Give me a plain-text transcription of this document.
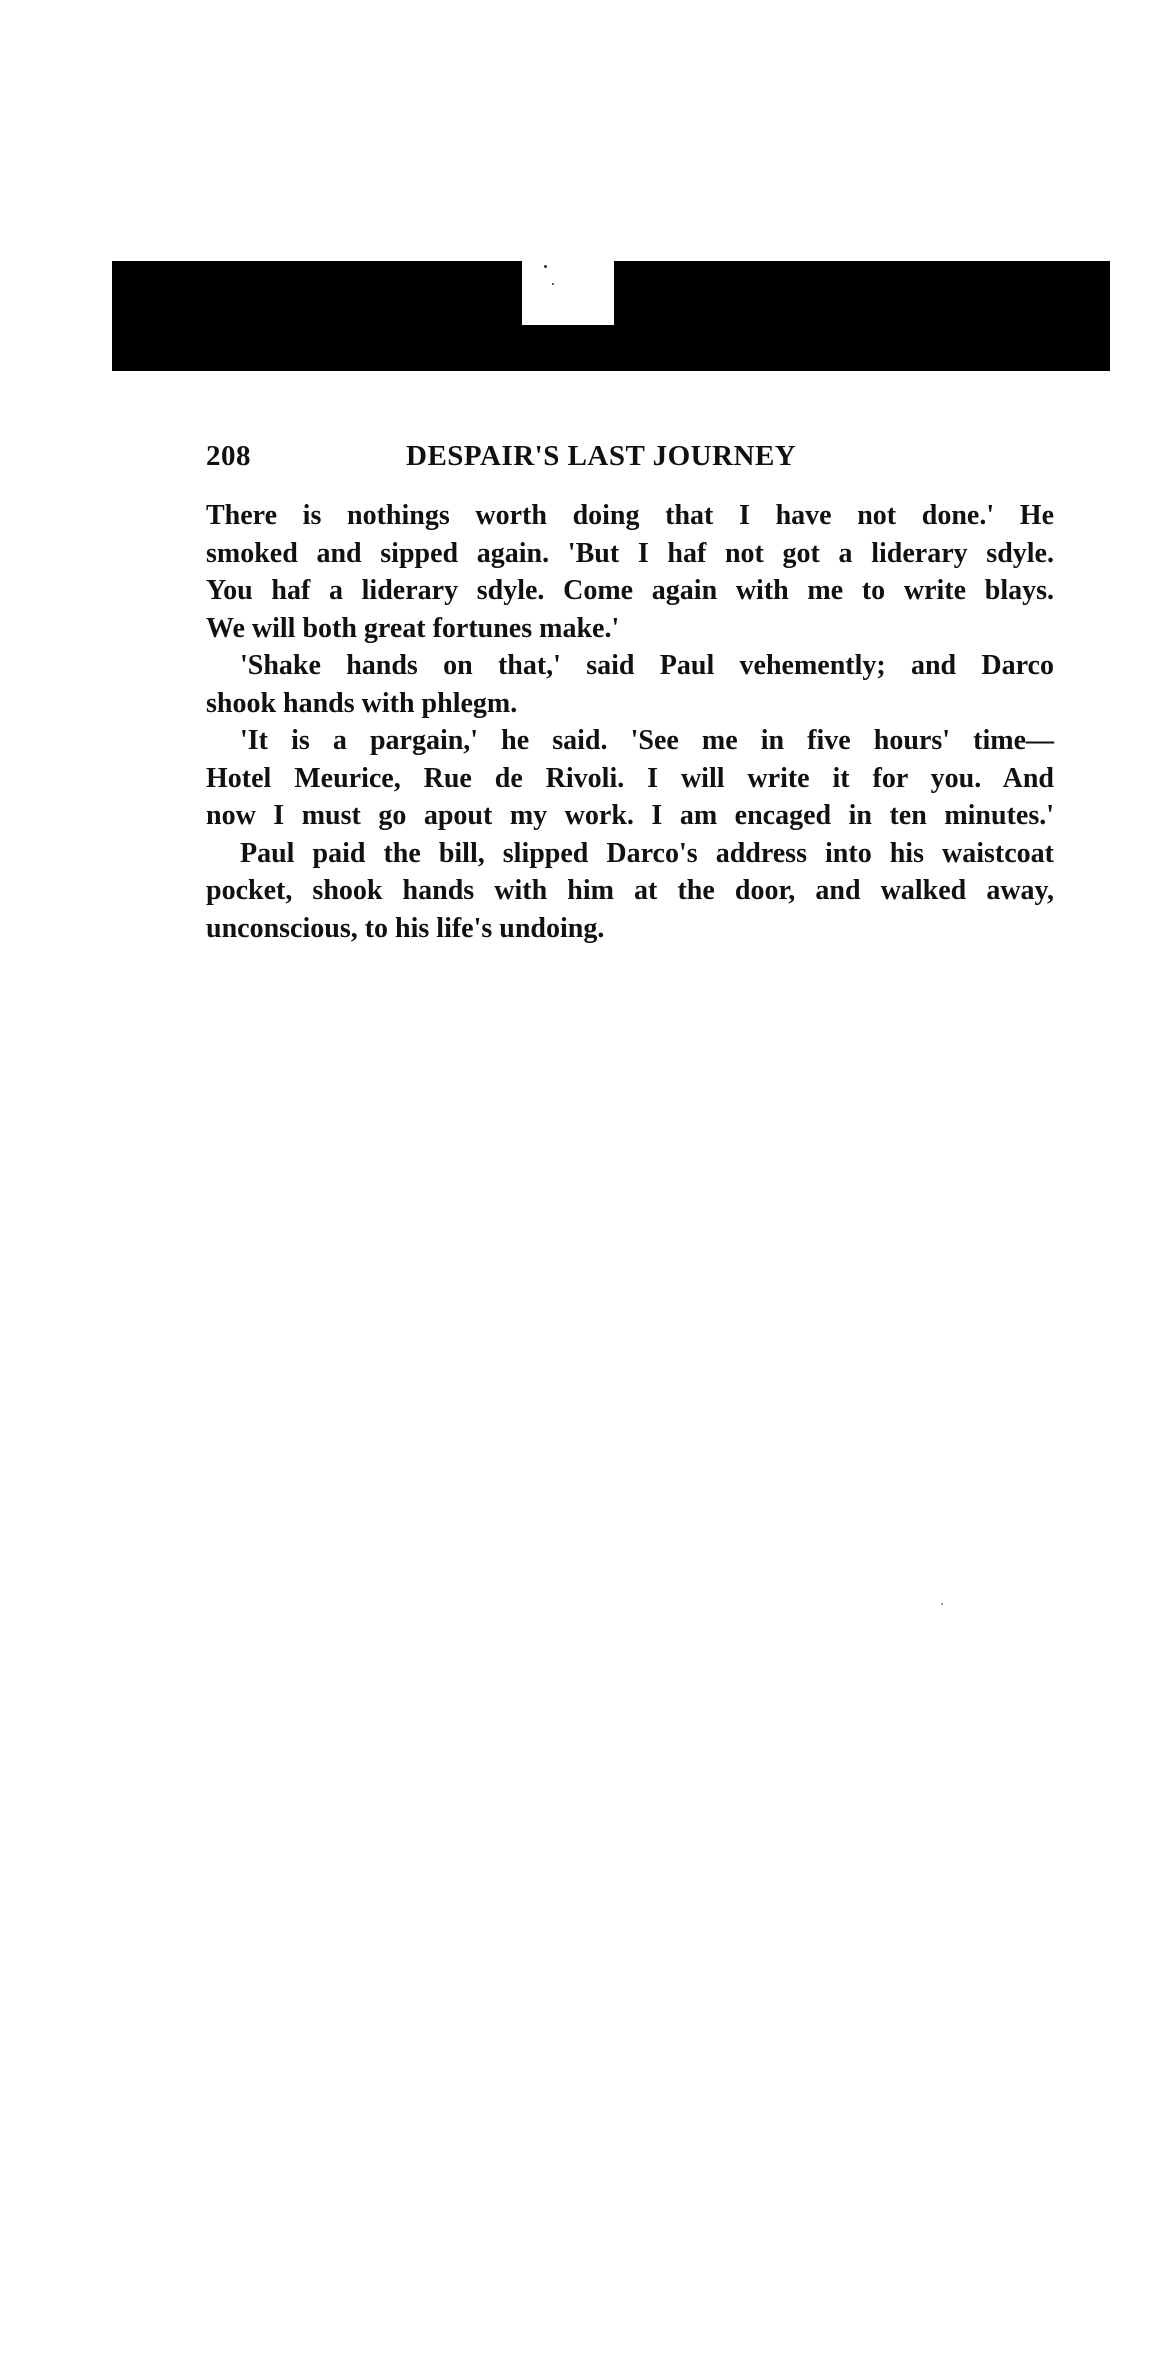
208	DESPAIR'S LAST JOURNEY
There is nothings worth doing that I have not done.' He
smoked and sipped again. 'But I haf not got a liderary sdyle.
You haf a liderary sdyle. Come again with me to write blays.
We will both great fortunes make.'
'Shake hands on that,' said Paul vehemently; and Darco
shook hands with phlegm.
'It is a pargain,' he said. 'See me in five hours' time—
Hotel Meurice, Rue de Rivoli. I will write it for you. And
now I must go apout my work. I am encaged in ten minutes.'
Paul paid the bill, slipped Darco's address into his waistcoat
pocket, shook hands with him at the door, and walked away,
unconscious, to his life's undoing.
